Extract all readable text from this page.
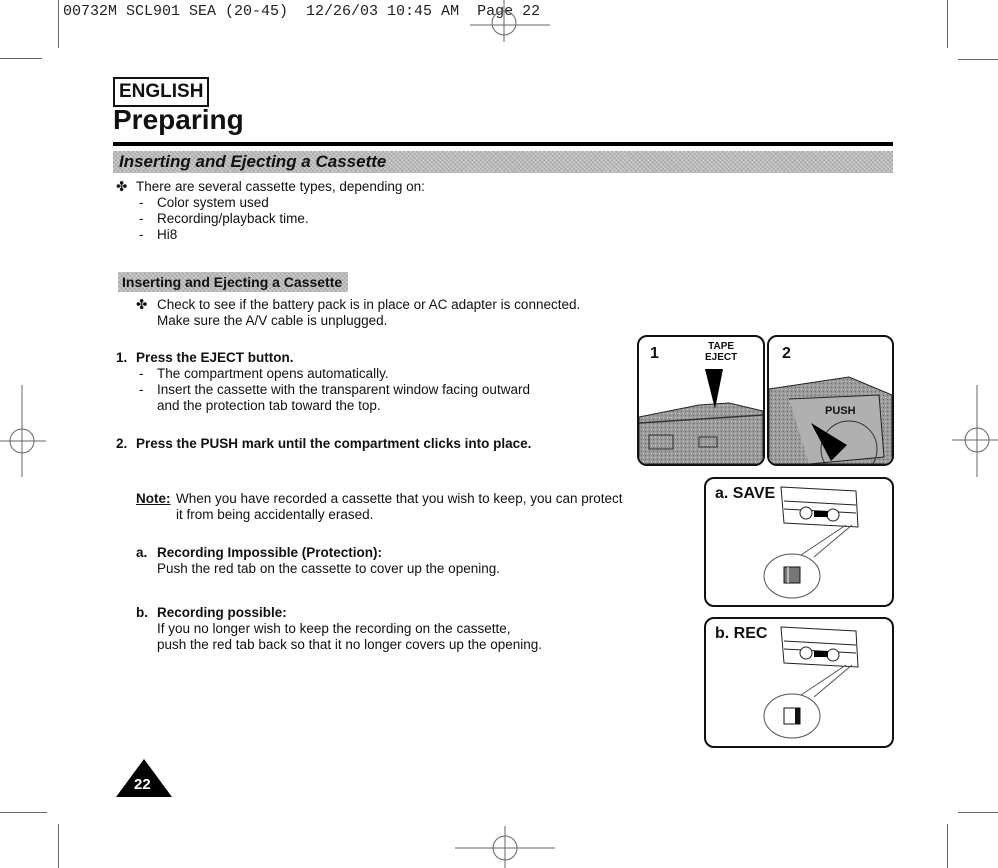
00732M SCL901 SEA (20-45)  12/26/03 10:45 AM  Page 22
ENGLISH
Preparing
Inserting and Ejecting a Cassette
✤ There are several cassette types, depending on:
- Color system used
- Recording/playback time.
- Hi8
Inserting and Ejecting a Cassette
✤ Check to see if the battery pack is in place or AC adapter is connected.
Make sure the A/V cable is unplugged.
1. Press the EJECT button.
- The compartment opens automatically.
- Insert the cassette with the transparent window facing outward
and the protection tab toward the top.
2. Press the PUSH mark until the compartment clicks into place.
Note: When you have recorded a cassette that you wish to keep, you can protect
it from being accidentally erased.
a. Recording Impossible (Protection):
Push the red tab on the cassette to cover up the opening.
b. Recording possible:
If you no longer wish to keep the recording on the cassette,
push the red tab back so that it no longer covers up the opening.
1	TAPE
EJECT	2
PUSH
a. SAVE
b. REC
22
